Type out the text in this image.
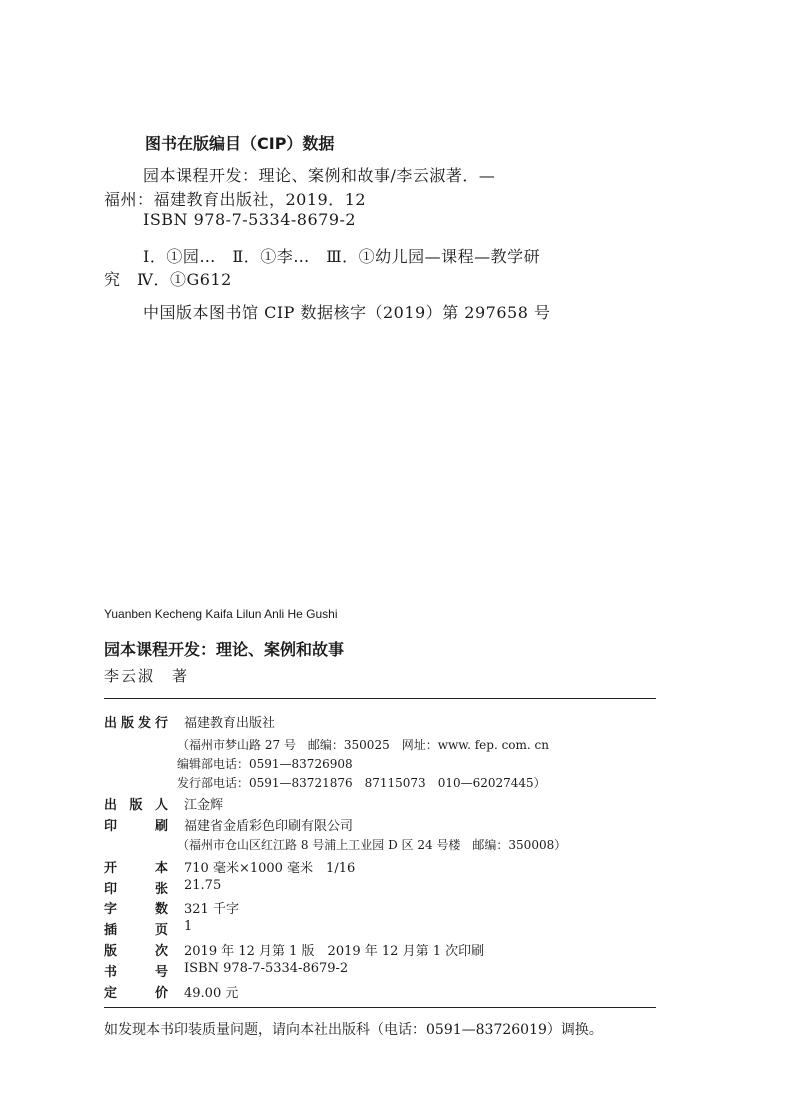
图书在版编目（CIP）数据
园本课程开发：理论、案例和故事/李云淑著．—
福州：福建教育出版社，2019．12
ISBN 978-7-5334-8679-2
Ⅰ．①园…　Ⅱ．①李…　Ⅲ．①幼儿园—课程—教学研
究　Ⅳ．①G612
中国版本图书馆 CIP 数据核字（2019）第 297658 号
Yuanben Kecheng Kaifa Lilun Anli He Gushi
园本课程开发：理论、案例和故事
李云淑　著
出 版 发 行 福建教育出版社
（福州市梦山路 27 号　邮编：350025　网址：www. fep. com. cn
编辑部电话：0591—83726908
发行部电话：0591—83721876　87115073　010—62027445）
出 版 人 江金辉
印	刷 福建省金盾彩色印刷有限公司
（福州市仓山区红江路 8 号浦上工业园 D 区 24 号楼　邮编：350008）
开	本 710 毫米×1000 毫米　1/16
印	张 21.75
字	数 321 千字
插	页 1
版	次 2019 年 12 月第 1 版　2019 年 12 月第 1 次印刷
书	号 ISBN 978-7-5334-8679-2
定	价 49.00 元
如发现本书印装质量问题，请向本社出版科（电话：0591—83726019）调换。
